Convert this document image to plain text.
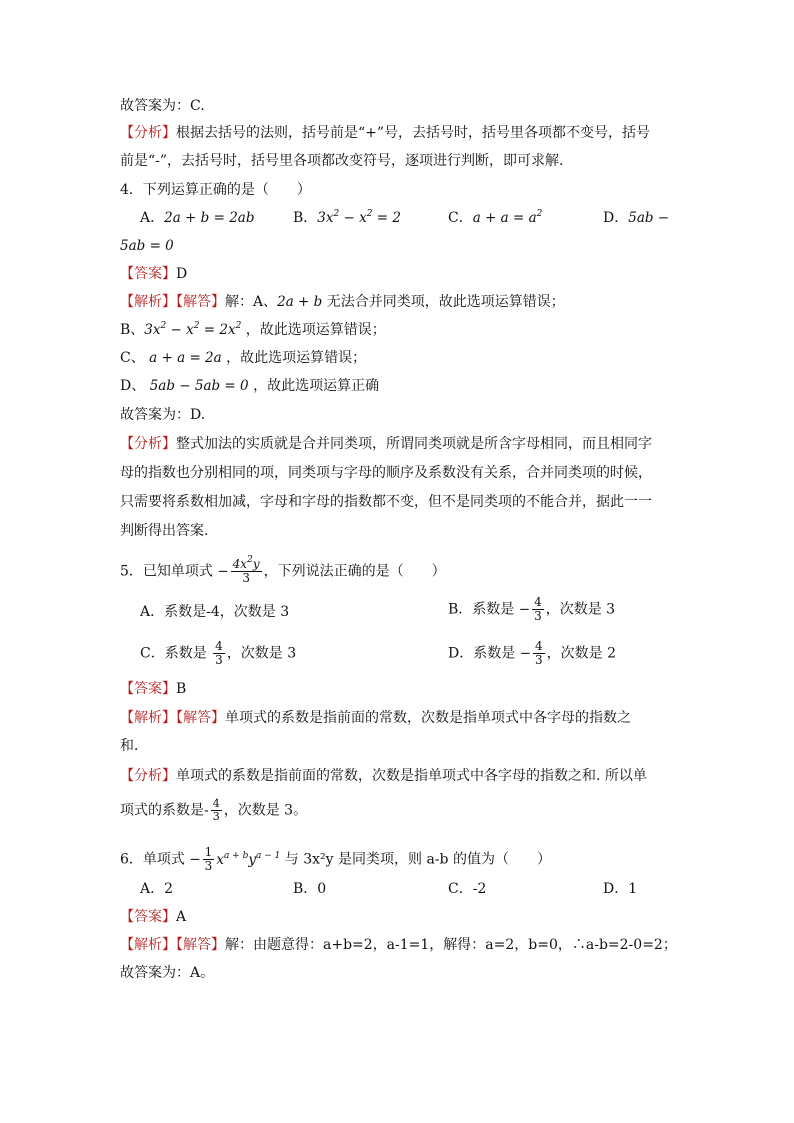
故答案为：C.
【分析】根据去括号的法则，括号前是“+”号，去括号时，括号里各项都不变号，括号
前是“-”，去括号时，括号里各项都改变符号，逐项进行判断，即可求解.
4．下列运算正确的是（　　）
A．2a + b = 2ab	B．$3x^2 - x^2 = 2$	C．$a + a = a^2$	D．5ab −
5ab = 0
【答案】D
【解析】【解答】解：A、2a + b 无法合并同类项，故此选项运算错误；
B、$3x^2 - x^2 = 2x^2$ ，故此选项运算错误；
C、 a + a = 2a ，故此选项运算错误；
D、 5ab − 5ab = 0 ，故此选项运算正确
故答案为：D.
【分析】整式加法的实质就是合并同类项，所谓同类项就是所含字母相同，而且相同字
母的指数也分别相同的项，同类项与字母的顺序及系数没有关系，合并同类项的时候，
只需要将系数相加减，字母和字母的指数都不变，但不是同类项的不能合并，据此一一
判断得出答案.
5．已知单项式 − $\frac{4x^2y}{3}$ ，下列说法正确的是（　　）
A．系数是-4，次数是 3	B．系数是 − $\frac{4}{3}$ ，次数是 3
C．系数是 $\frac{4}{3}$ ，次数是 3	D．系数是 − $\frac{4}{3}$ ，次数是 2
【答案】B
【解析】【解答】单项式的系数是指前面的常数，次数是指单项式中各字母的指数之
和．
【分析】单项式的系数是指前面的常数，次数是指单项式中各字母的指数之和. 所以单
项式的系数是- $\frac{4}{3}$ ，次数是 3。
6．单项式 − $\frac{1}{3} x^{a + b}y^{a - 1}$ 与 3x²y 是同类项，则 a-b 的值为（　　）
A．2	B．0	C．-2	D．1
【答案】A
【解析】【解答】解：由题意得：a+b=2，a-1=1，解得：a=2，b=0，∴a-b=2-0=2；
故答案为：A。
